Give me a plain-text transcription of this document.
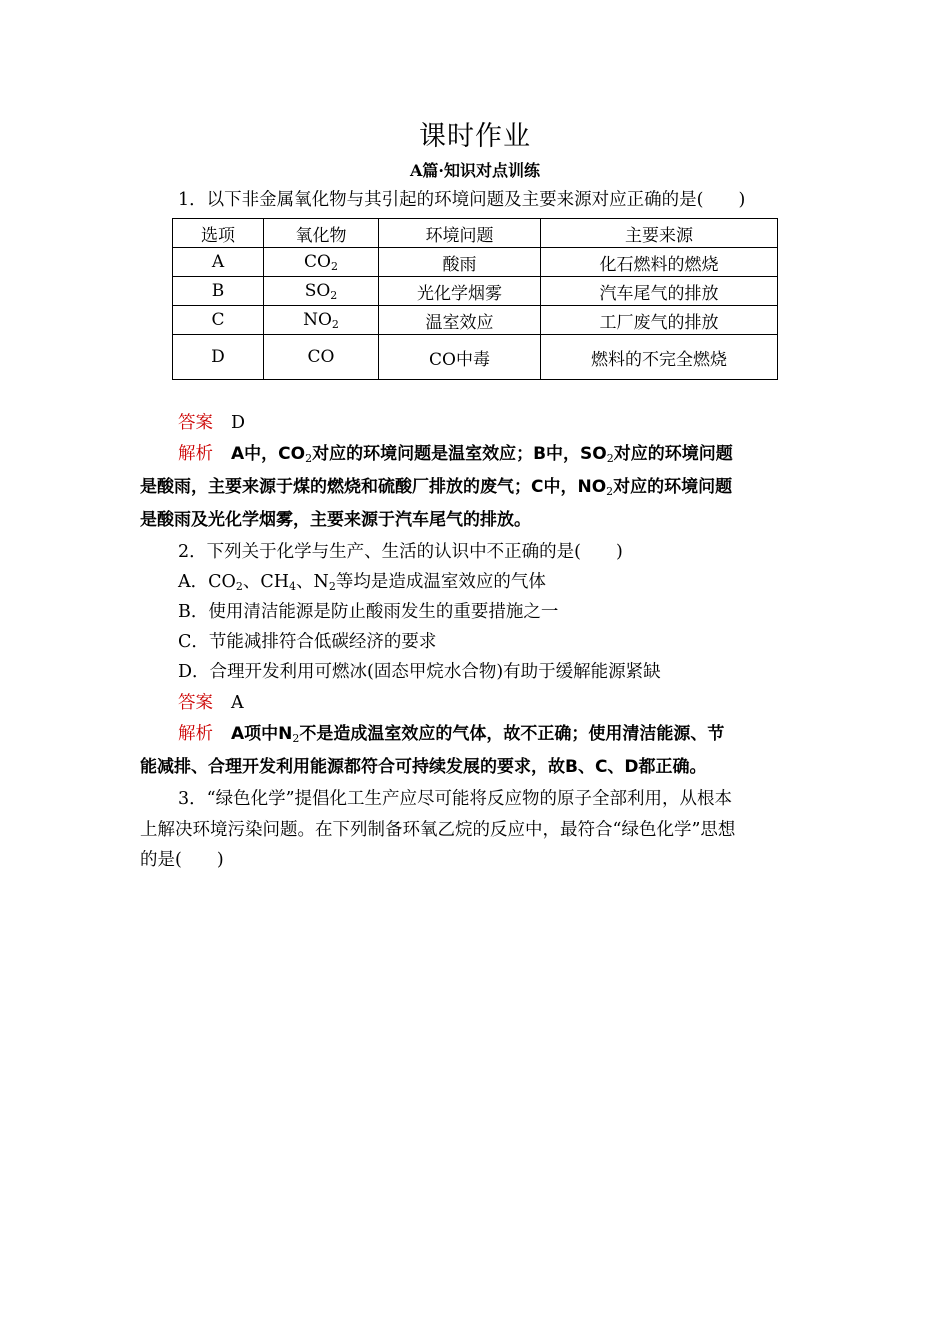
课时作业
A篇·知识对点训练
1．以下非金属氧化物与其引起的环境问题及主要来源对应正确的是(　　)
选项	氧化物	环境问题	主要来源
A	$CO_2$	酸雨	化石燃料的燃烧
B	$SO_2$	光化学烟雾	汽车尾气的排放
C	$NO_2$	温室效应	工厂废气的排放
D	CO	CO中毒	燃料的不完全燃烧
答案 D
解析 A中，$CO_2$对应的环境问题是温室效应；B中，$SO_2$对应的环境问题
是酸雨，主要来源于煤的燃烧和硫酸厂排放的废气；C中，$NO_2$对应的环境问题
是酸雨及光化学烟雾，主要来源于汽车尾气的排放。
2．下列关于化学与生产、生活的认识中不正确的是(　　)
A．$CO_2$、$CH_4$、$N_2$等均是造成温室效应的气体
B．使用清洁能源是防止酸雨发生的重要措施之一
C．节能减排符合低碳经济的要求
D．合理开发利用可燃冰(固态甲烷水合物)有助于缓解能源紧缺
答案 A
解析 A项中$N_2$不是造成温室效应的气体，故不正确；使用清洁能源、节
能减排、合理开发利用能源都符合可持续发展的要求，故B、C、D都正确。
3．“绿色化学”提倡化工生产应尽可能将反应物的原子全部利用，从根本
上解决环境污染问题。在下列制备环氧乙烷的反应中，最符合“绿色化学”思想
的是(　　)
